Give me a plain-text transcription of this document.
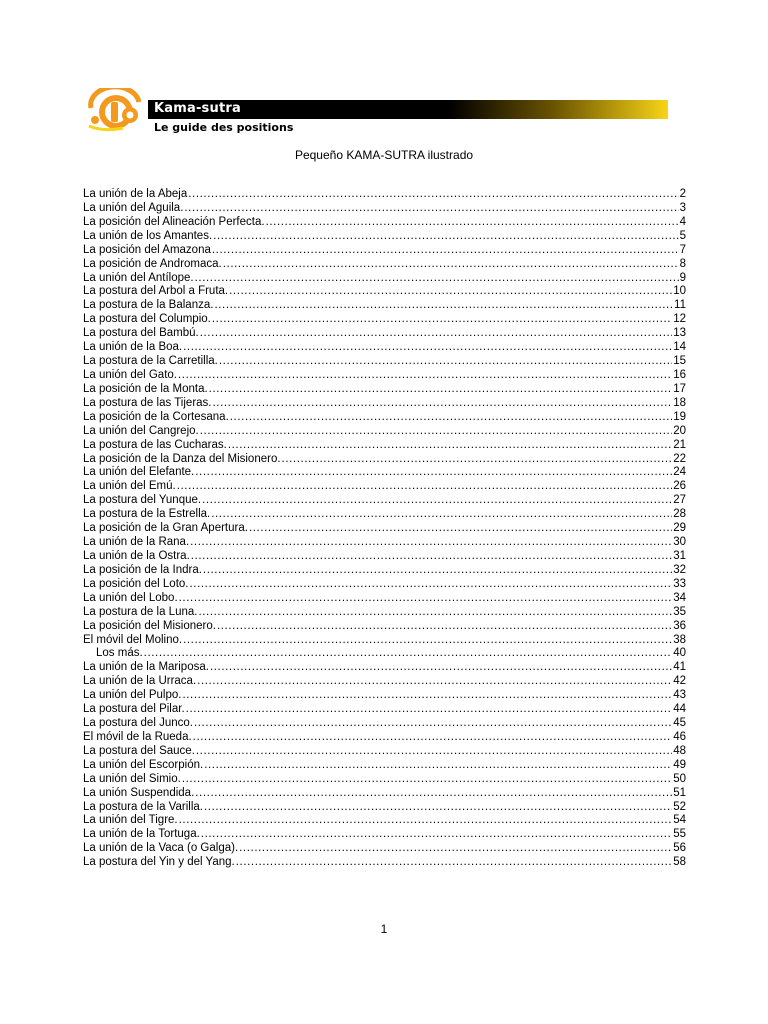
Kama-sutra
Le guide des positions
Pequeño KAMA-SUTRA ilustrado
La unión de la Abeja .....	2
La unión del Aguila. .....	3
La posición del Alineación Perfecta. .....	4
La unión de los Amantes. .....	5
La posición del Amazona .....	7
La posición de Andromaca. .....	8
La unión del Antílope. .....	9
La postura del Arbol a Fruta. .....	10
La postura de la Balanza. .....	11
La postura del Columpio. .....	12
La postura del Bambú. .....	13
La unión de la Boa. .....	14
La postura de la Carretilla. .....	15
La unión del Gato. .....	16
La posición de la Monta. .....	17
La postura de las Tijeras. .....	18
La posición de la Cortesana. .....	19
La unión del Cangrejo. .....	20
La postura de las Cucharas. .....	21
La posición de la Danza del Misionero. .....	22
La unión del Elefante. .....	24
La unión del Emú. .....	26
La postura del Yunque. .....	27
La postura de la Estrella. .....	28
La posición de la Gran Apertura. .....	29
La unión de la Rana. .....	30
La unión de la Ostra. .....	31
La posición de la Indra. .....	32
La posición del Loto. .....	33
La unión del Lobo. .....	34
La postura de la Luna. .....	35
La posición del Misionero. .....	36
El móvil del Molino. .....	38
Los más. .....	40
La unión de la Mariposa. .....	41
La unión de la Urraca. .....	42
La unión del Pulpo. .....	43
La postura del Pilar. .....	44
La postura del Junco. .....	45
El móvil de la Rueda. .....	46
La postura del Sauce. .....	48
La unión del Escorpión. .....	49
La unión del Simio. .....	50
La unión Suspendida. .....	51
La postura de la Varilla. .....	52
La unión del Tigre. .....	54
La unión de la Tortuga. .....	55
La unión de la Vaca (o Galga). .....	56
La postura del Yin y del Yang. .....	58
1
